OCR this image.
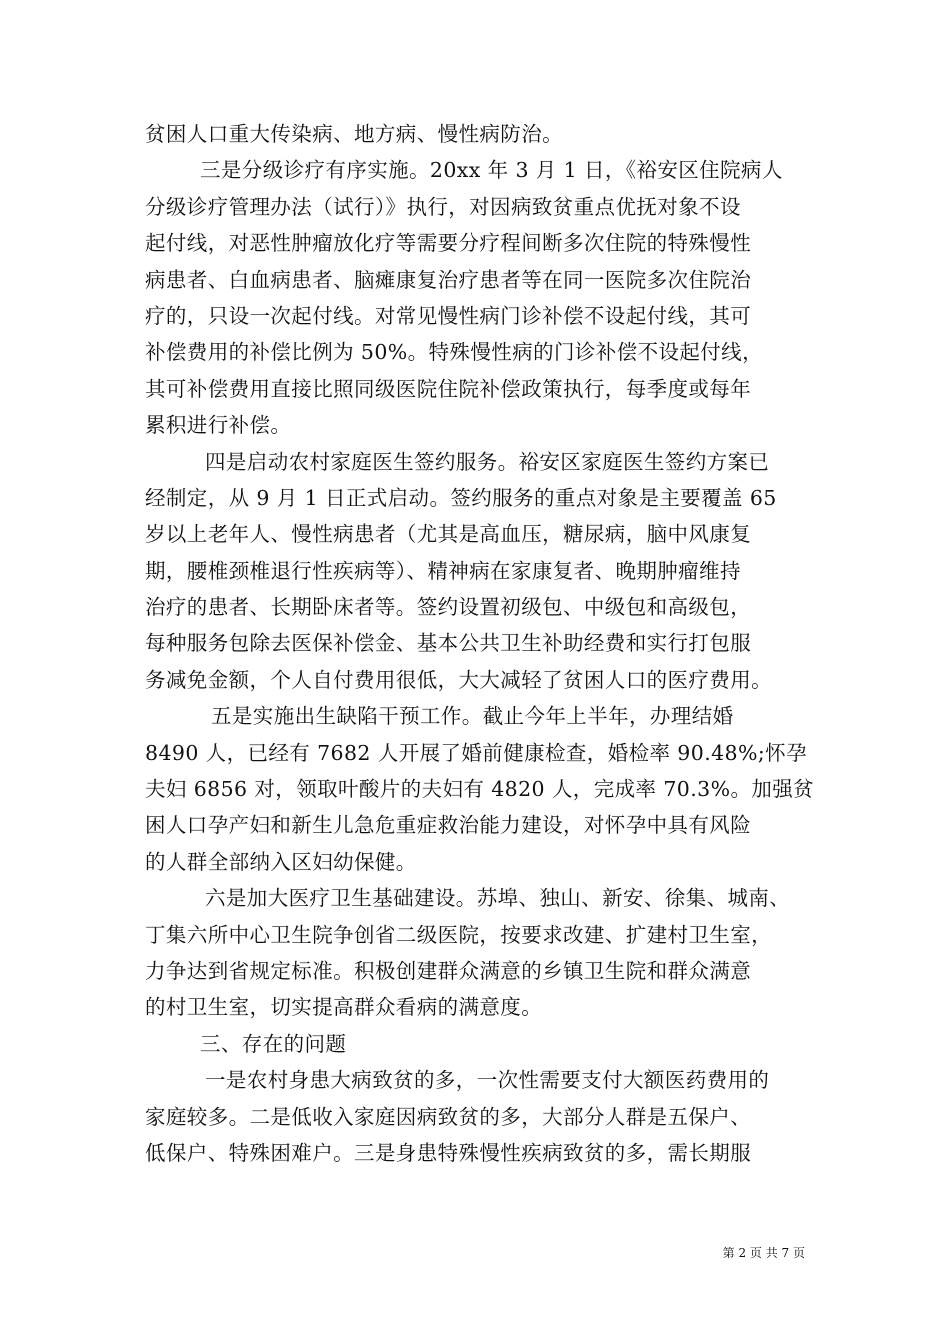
贫困人口重大传染病、地方病、慢性病防治。
三是分级诊疗有序实施。20xx 年 3 月 1 日，《裕安区住院病人
分级诊疗管理办法（试行）》执行，对因病致贫重点优抚对象不设
起付线，对恶性肿瘤放化疗等需要分疗程间断多次住院的特殊慢性
病患者、白血病患者、脑瘫康复治疗患者等在同一医院多次住院治
疗的，只设一次起付线。对常见慢性病门诊补偿不设起付线，其可
补偿费用的补偿比例为 50%。特殊慢性病的门诊补偿不设起付线，
其可补偿费用直接比照同级医院住院补偿政策执行，每季度或每年
累积进行补偿。
四是启动农村家庭医生签约服务。裕安区家庭医生签约方案已
经制定，从 9 月 1 日正式启动。签约服务的重点对象是主要覆盖 65
岁以上老年人、慢性病患者（尤其是高血压，糖尿病，脑中风康复
期，腰椎颈椎退行性疾病等）、精神病在家康复者、晚期肿瘤维持
治疗的患者、长期卧床者等。签约设置初级包、中级包和高级包，
每种服务包除去医保补偿金、基本公共卫生补助经费和实行打包服
务减免金额，个人自付费用很低，大大减轻了贫困人口的医疗费用。
五是实施出生缺陷干预工作。截止今年上半年，办理结婚
8490 人，已经有 7682 人开展了婚前健康检查，婚检率 90.48%;怀孕
夫妇 6856 对，领取叶酸片的夫妇有 4820 人，完成率 70.3%。加强贫
困人口孕产妇和新生儿急危重症救治能力建设，对怀孕中具有风险
的人群全部纳入区妇幼保健。
六是加大医疗卫生基础建设。苏埠、独山、新安、徐集、城南、
丁集六所中心卫生院争创省二级医院，按要求改建、扩建村卫生室，
力争达到省规定标准。积极创建群众满意的乡镇卫生院和群众满意
的村卫生室，切实提高群众看病的满意度。
三、存在的问题
一是农村身患大病致贫的多，一次性需要支付大额医药费用的
家庭较多。二是低收入家庭因病致贫的多，大部分人群是五保户、
低保户、特殊困难户。三是身患特殊慢性疾病致贫的多，需长期服
第 2 页 共 7 页
